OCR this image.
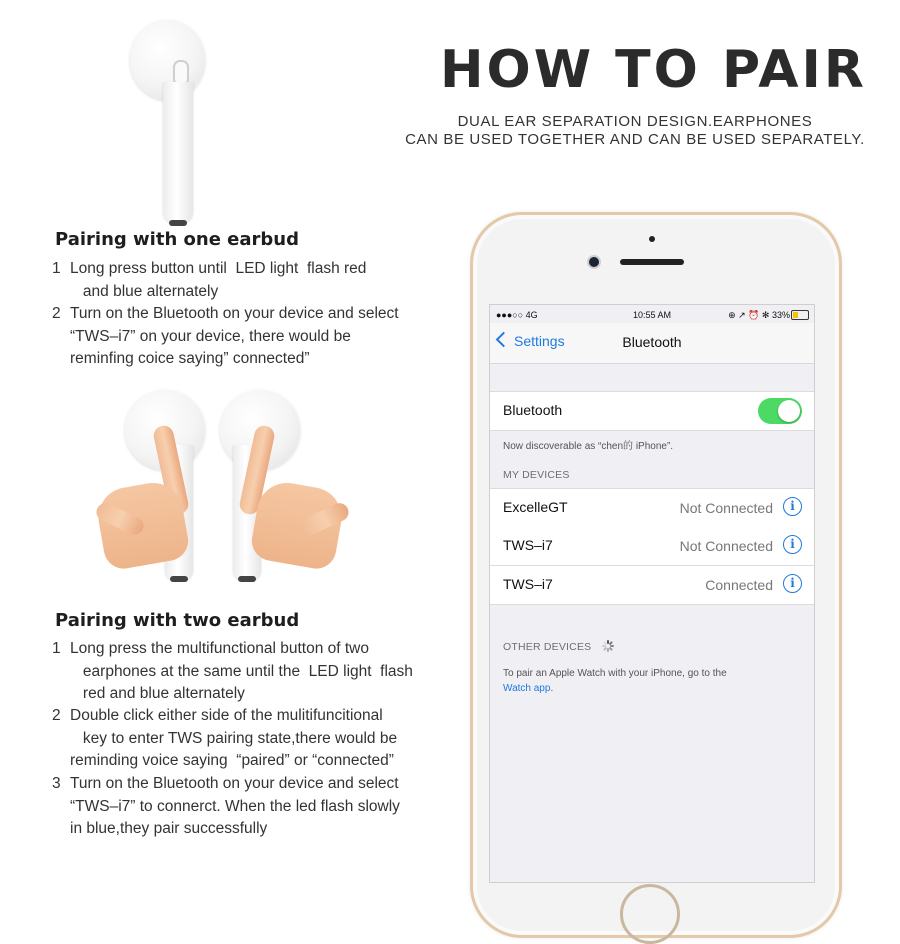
HOW TO PAIR
DUAL EAR SEPARATION DESIGN.EARPHONES
CAN BE USED TOGETHER AND CAN BE USED SEPARATELY.
Pairing with one earbud
1 Long press button until  LED light  flash red
and blue alternately
2 Turn on the Bluetooth on your device and select
“TWS–i7” on your device, there would be
reminfing coice saying” connected”
Pairing with two earbud
1 Long press the multifunctional button of two
earphones at the same until the  LED light  flash
red and blue alternately
2 Double click either side of the mulitifuncitional
key to enter TWS pairing state,there would be
reminding voice saying  “paired” or “connected”
3 Turn on the Bluetooth on your device and select
“TWS–i7” to connerct. When the led flash slowly
in blue,they pair successfully
●●●○○ 4G	10:55 AM	⊕ ↗ ⏰ ✻ 33%
Settings	Bluetooth
Bluetooth
Now discoverable as “chen的 iPhone”.
MY DEVICES
ExcelleGT	Not Connected	i
TWS–i7	Not Connected	i
TWS–i7	Connected	i
OTHER DEVICES
To pair an Apple Watch with your iPhone, go to the
Watch app.
